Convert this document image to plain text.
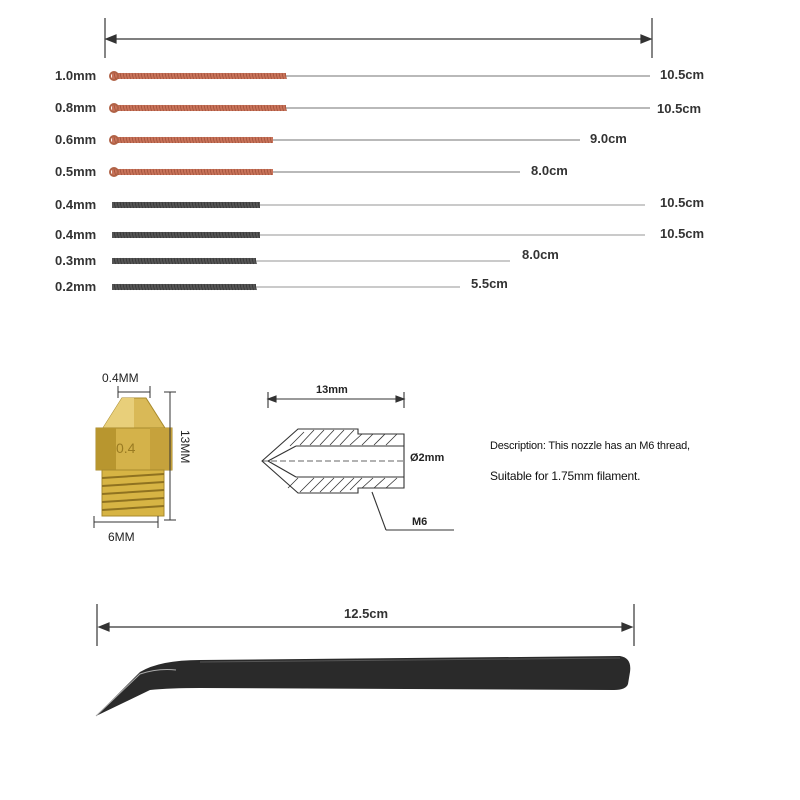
1.0mm	10.5cm
0.8mm	10.5cm
0.6mm	9.0cm
0.5mm	8.0cm
0.4mm	10.5cm
0.4mm	10.5cm
0.3mm	8.0cm
0.2mm	5.5cm
0.4MM
13MM
6MM
0.4
13mm
Ø2mm
M6
Description: This nozzle has an M6 thread,
Suitable for 1.75mm filament.
12.5cm
